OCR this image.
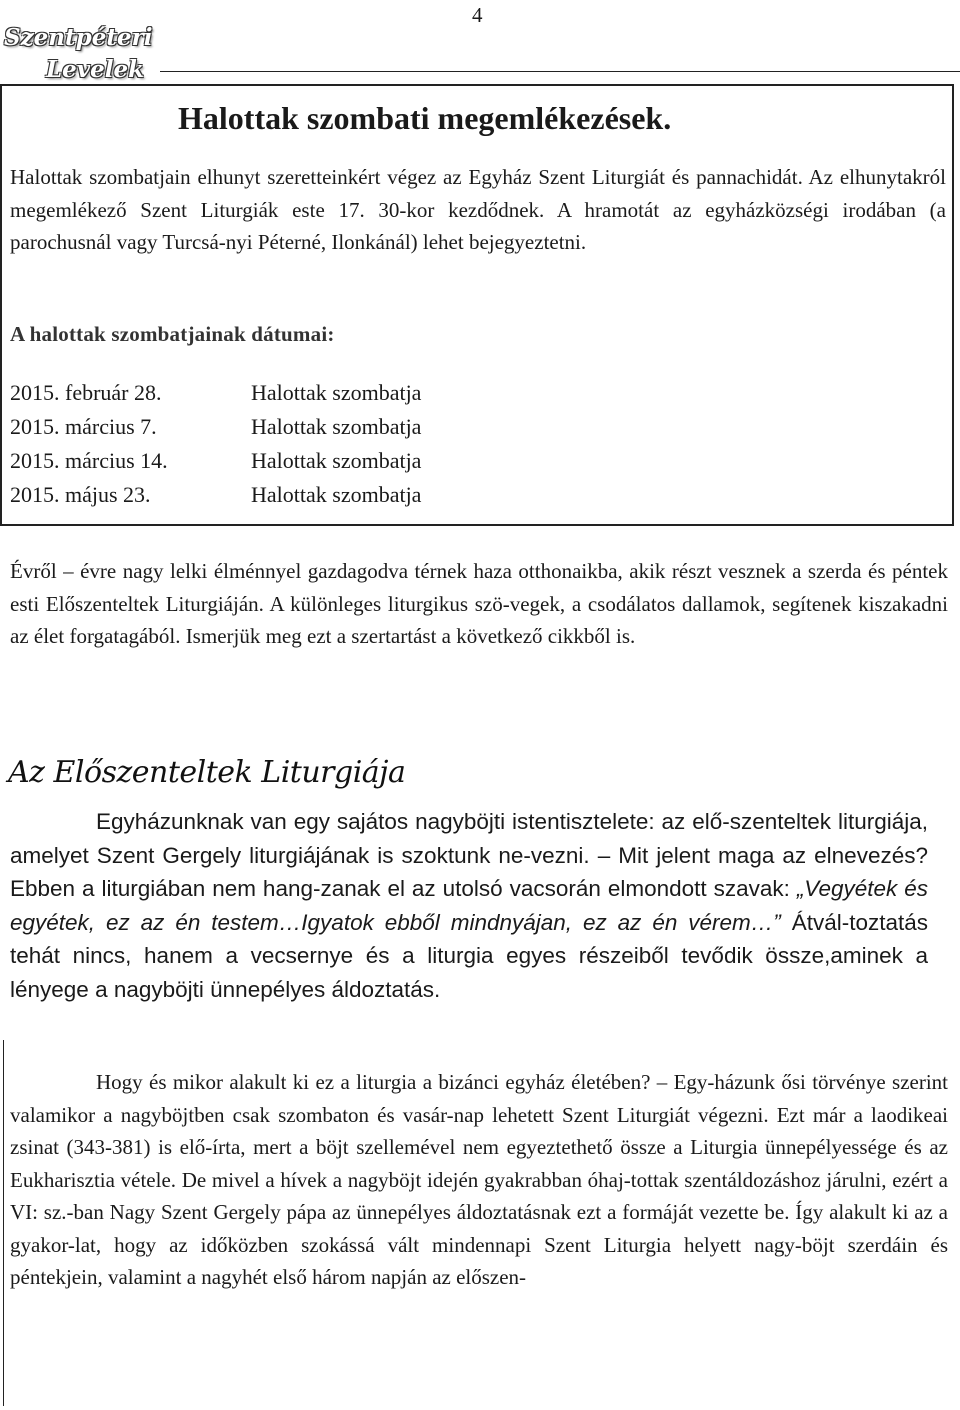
Szentpéteri
Levelek
4
Halottak szombati megemlékezések.

Halottak szombatjain elhunyt szeretteinkért végez az Egyház Szent Liturgiát és pannachidát. Az elhunytakról megemlékező Szent Liturgiák este 17. 30-kor kezdődnek. A hramotát az egyházközségi irodában (a parochusnál vagy Turcsá-nyi Péterné, Ilonkánál) lehet bejegyeztetni.

A halottak szombatjainak dátumai:
2015. február 28.	Halottak szombatja
2015. március 7.	Halottak szombatja
2015. március 14.	Halottak szombatja
2015. május 23.	Halottak szombatja

Évről – évre nagy lelki élménnyel gazdagodva térnek haza otthonaikba, akik részt vesznek a szerda és péntek esti Előszenteltek Liturgiáján. A különleges liturgikus szö-vegek, a csodálatos dallamok, segítenek kiszakadni az élet forgatagából. Ismerjük meg ezt a szertartást a következő cikkből is.

Az Előszenteltek Liturgiája
Egyházunknak van egy sajátos nagyböjti istentisztelete: az elő-szenteltek liturgiája, amelyet Szent Gergely liturgiájának is szoktunk ne-vezni. – Mit jelent maga az elnevezés? Ebben a liturgiában nem hang-zanak el az utolsó vacsorán elmondott szavak: „Vegyétek és egyétek, ez az én testem…Igyatok ebből mindnyájan, ez az én vérem…” Átvál-toztatás tehát nincs, hanem a vecsernye és a liturgia egyes részeiből tevődik össze,aminek a lényege a nagyböjti ünnepélyes áldoztatás.

Hogy és mikor alakult ki ez a liturgia a bizánci egyház életében? – Egy-házunk ősi törvénye szerint valamikor a nagyböjtben csak szombaton és vasár-nap lehetett Szent Liturgiát végezni. Ezt már a laodikeai zsinat (343-381) is elő-írta, mert a böjt szellemével nem egyeztethető össze a Liturgia ünnepélyessége és az Eukharisztia vétele. De mivel a hívek a nagyböjt idején gyakrabban óhaj-tottak szentáldozáshoz járulni, ezért a VI: sz.-ban Nagy Szent Gergely pápa az ünnepélyes áldoztatásnak ezt a formáját vezette be. Így alakult ki az a gyakor-lat, hogy az időközben szokássá vált mindennapi Szent Liturgia helyett nagy-böjt szerdáin és péntekjein, valamint a nagyhét első három napján az előszen-
